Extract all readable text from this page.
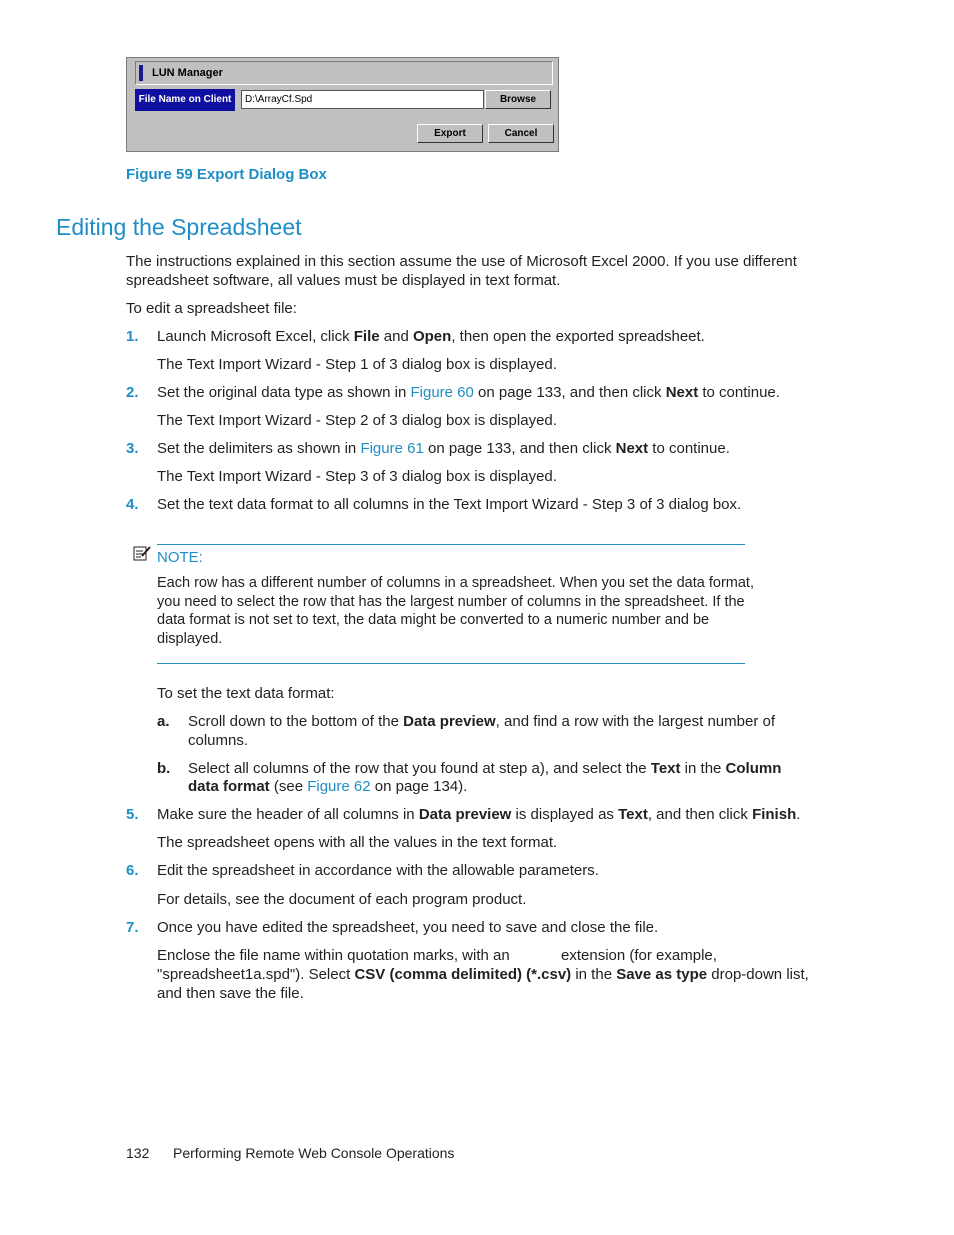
LUN Manager
File Name on Client	D:\ArrayCf.Spd	Browse
Export	Cancel
Figure 59 Export Dialog Box
Editing the Spreadsheet
The instructions explained in this section assume the use of Microsoft Excel 2000. If you use different
spreadsheet software, all values must be displayed in text format.
To edit a spreadsheet file:
1. Launch Microsoft Excel, click File and Open, then open the exported spreadsheet.
The Text Import Wizard - Step 1 of 3 dialog box is displayed.
2. Set the original data type as shown in Figure 60 on page 133, and then click Next to continue.
The Text Import Wizard - Step 2 of 3 dialog box is displayed.
3. Set the delimiters as shown in Figure 61 on page 133, and then click Next to continue.
The Text Import Wizard - Step 3 of 3 dialog box is displayed.
4. Set the text data format to all columns in the Text Import Wizard - Step 3 of 3 dialog box.
NOTE:
Each row has a different number of columns in a spreadsheet. When you set the data format,
you need to select the row that has the largest number of columns in the spreadsheet. If the
data format is not set to text, the data might be converted to a numeric number and be
displayed.
To set the text data format:
a. Scroll down to the bottom of the Data preview, and find a row with the largest number of
columns.
b. Select all columns of the row that you found at step a), and select the Text in the Column
data format (see Figure 62 on page 134).
5. Make sure the header of all columns in Data preview is displayed as Text, and then click Finish.
The spreadsheet opens with all the values in the text format.
6. Edit the spreadsheet in accordance with the allowable parameters.
For details, see the document of each program product.
7. Once you have edited the spreadsheet, you need to save and close the file.
Enclose the file name within quotation marks, with an	extension (for example,
"spreadsheet1a.spd"). Select CSV (comma delimited) (*.csv) in the Save as type drop-down list,
and then save the file.
132 Performing Remote Web Console Operations
